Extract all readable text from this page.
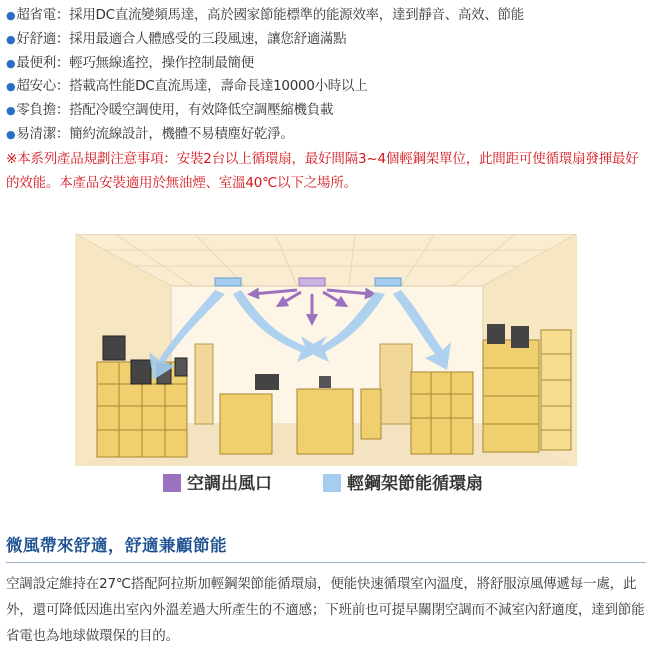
●超省電：採用DC直流變頻馬達，高於國家節能標準的能源效率，達到靜音、高效、節能
●好舒適：採用最適合人體感受的三段風速，讓您舒適滿點
●最便利：輕巧無線遙控，操作控制最簡便
●超安心：搭載高性能DC直流馬達，壽命長達10000小時以上
●零負擔：搭配冷暖空調使用，有效降低空調壓縮機負載
●易清潔：簡約流線設計，機體不易積塵好乾淨。
※本系列產品規劃注意事項：安裝2台以上循環扇，最好間隔3~4個輕鋼架單位，此間距可使循環扇發揮最好的效能。本產品安裝適用於無油煙、室溫40℃以下之場所。
空調出風口	輕鋼架節能循環扇
微風帶來舒適，舒適兼顧節能
空調設定維持在27℃搭配阿拉斯加輕鋼架節能循環扇，便能快速循環室內溫度，將舒服涼風傳遞每一處，此外，還可降低因進出室內外溫差過大所產生的不適感；下班前也可提早關閉空調而不減室內舒適度，達到節能省電也為地球做環保的目的。
